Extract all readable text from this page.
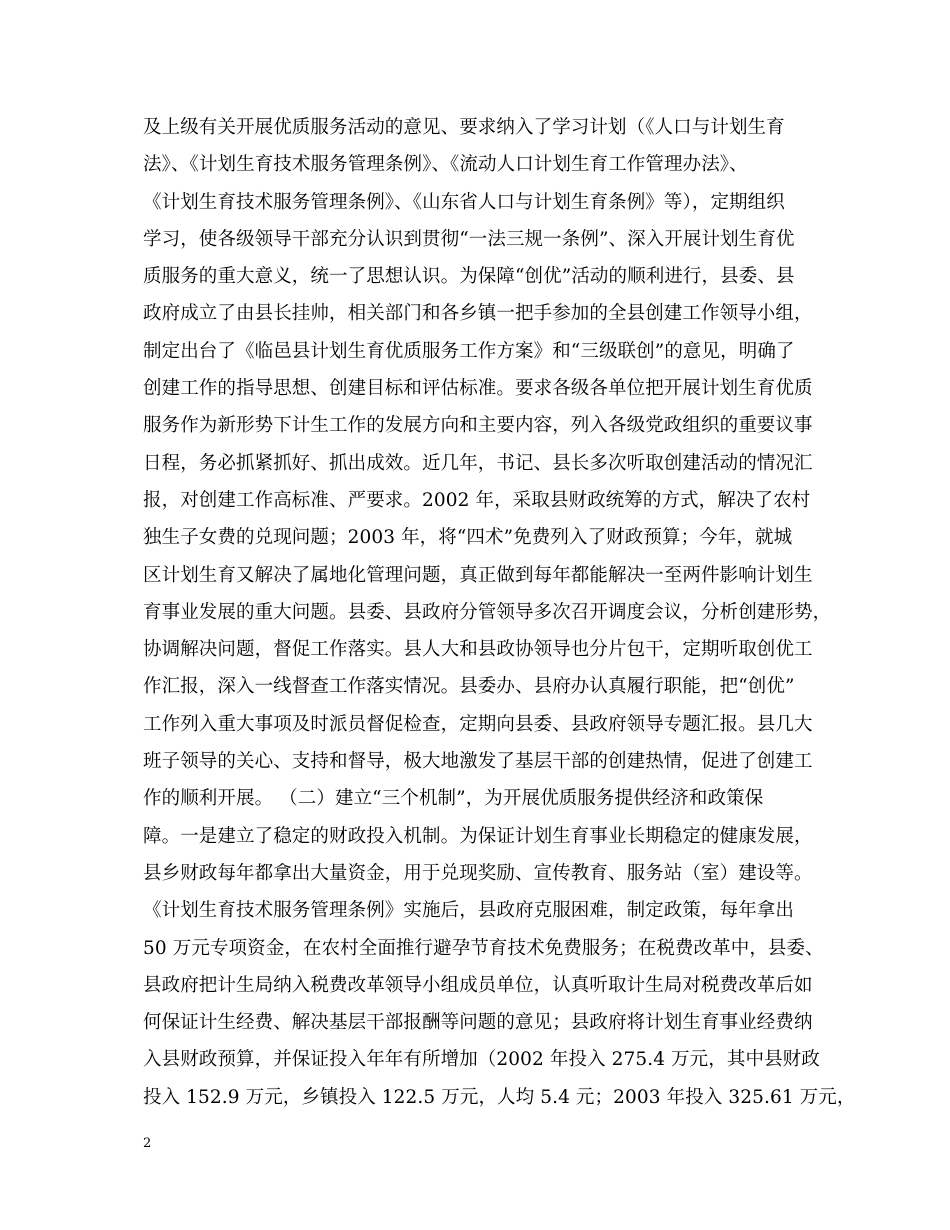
及上级有关开展优质服务活动的意见、要求纳入了学习计划（《人口与计划生育
法》、《计划生育技术服务管理条例》、《流动人口计划生育工作管理办法》、
《计划生育技术服务管理条例》、《山东省人口与计划生育条例》等），定期组织
学习，使各级领导干部充分认识到贯彻“一法三规一条例”、深入开展计划生育优
质服务的重大意义，统一了思想认识。为保障“创优”活动的顺利进行，县委、县
政府成立了由县长挂帅，相关部门和各乡镇一把手参加的全县创建工作领导小组，
制定出台了《临邑县计划生育优质服务工作方案》和“三级联创”的意见，明确了
创建工作的指导思想、创建目标和评估标准。要求各级各单位把开展计划生育优质
服务作为新形势下计生工作的发展方向和主要内容，列入各级党政组织的重要议事
日程，务必抓紧抓好、抓出成效。近几年，书记、县长多次听取创建活动的情况汇
报，对创建工作高标准、严要求。2002 年，采取县财政统筹的方式，解决了农村
独生子女费的兑现问题；2003 年，将“四术”免费列入了财政预算；今年，就城
区计划生育又解决了属地化管理问题，真正做到每年都能解决一至两件影响计划生
育事业发展的重大问题。县委、县政府分管领导多次召开调度会议，分析创建形势，
协调解决问题，督促工作落实。县人大和县政协领导也分片包干，定期听取创优工
作汇报，深入一线督查工作落实情况。县委办、县府办认真履行职能，把“创优”
工作列入重大事项及时派员督促检查，定期向县委、县政府领导专题汇报。县几大
班子领导的关心、支持和督导，极大地激发了基层干部的创建热情，促进了创建工
作的顺利开展。 （二）建立“三个机制”，为开展优质服务提供经济和政策保
障。一是建立了稳定的财政投入机制。为保证计划生育事业长期稳定的健康发展，
县乡财政每年都拿出大量资金，用于兑现奖励、宣传教育、服务站（室）建设等。
《计划生育技术服务管理条例》实施后，县政府克服困难，制定政策，每年拿出
50 万元专项资金，在农村全面推行避孕节育技术免费服务；在税费改革中，县委、
县政府把计生局纳入税费改革领导小组成员单位，认真听取计生局对税费改革后如
何保证计生经费、解决基层干部报酬等问题的意见；县政府将计划生育事业经费纳
入县财政预算，并保证投入年年有所增加（2002 年投入 275.4 万元，其中县财政
投入 152.9 万元，乡镇投入 122.5 万元，人均 5.4 元；2003 年投入 325.61 万元，
2
